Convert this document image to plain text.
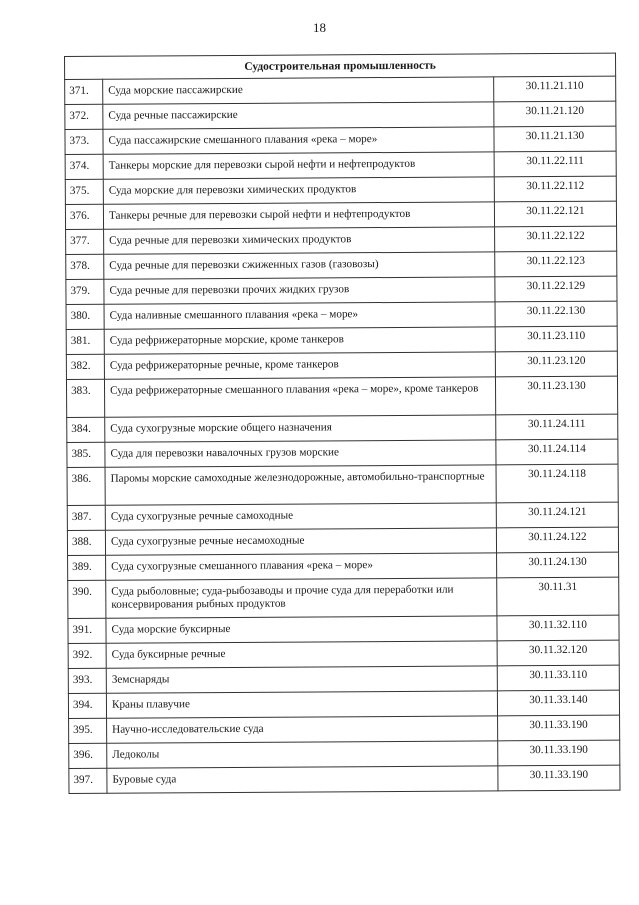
18
Судостроительная промышленность		
371.	Суда морские пассажирские	30.11.21.110
372.	Суда речные пассажирские	30.11.21.120
373.	Суда пассажирские смешанного плавания «река – море»	30.11.21.130
374.	Танкеры морские для перевозки сырой нефти и нефтепродуктов	30.11.22.111
375.	Суда морские для перевозки химических продуктов	30.11.22.112
376.	Танкеры речные для перевозки сырой нефти и нефтепродуктов	30.11.22.121
377.	Суда речные для перевозки химических продуктов	30.11.22.122
378.	Суда речные для перевозки сжиженных газов (газовозы)	30.11.22.123
379.	Суда речные для перевозки прочих жидких грузов	30.11.22.129
380.	Суда наливные смешанного плавания «река – море»	30.11.22.130
381.	Суда рефрижераторные морские, кроме танкеров	30.11.23.110
382.	Суда рефрижераторные речные, кроме танкеров	30.11.23.120
383.	Суда рефрижераторные смешанного плавания «река – море», кроме танкеров	30.11.23.130
384.	Суда сухогрузные морские общего назначения	30.11.24.111
385.	Суда для перевозки навалочных грузов морские	30.11.24.114
386.	Паромы морские самоходные железнодорожные, автомобильно-транспортные	30.11.24.118
387.	Суда сухогрузные речные самоходные	30.11.24.121
388.	Суда сухогрузные речные несамоходные	30.11.24.122
389.	Суда сухогрузные смешанного плавания «река – море»	30.11.24.130
390.	Суда рыболовные; суда-рыбозаводы и прочие суда для переработки или консервирования рыбных продуктов	30.11.31
391.	Суда морские буксирные	30.11.32.110
392.	Суда буксирные речные	30.11.32.120
393.	Земснаряды	30.11.33.110
394.	Краны плавучие	30.11.33.140
395.	Научно-исследовательские суда	30.11.33.190
396.	Ледоколы	30.11.33.190
397.	Буровые суда	30.11.33.190
